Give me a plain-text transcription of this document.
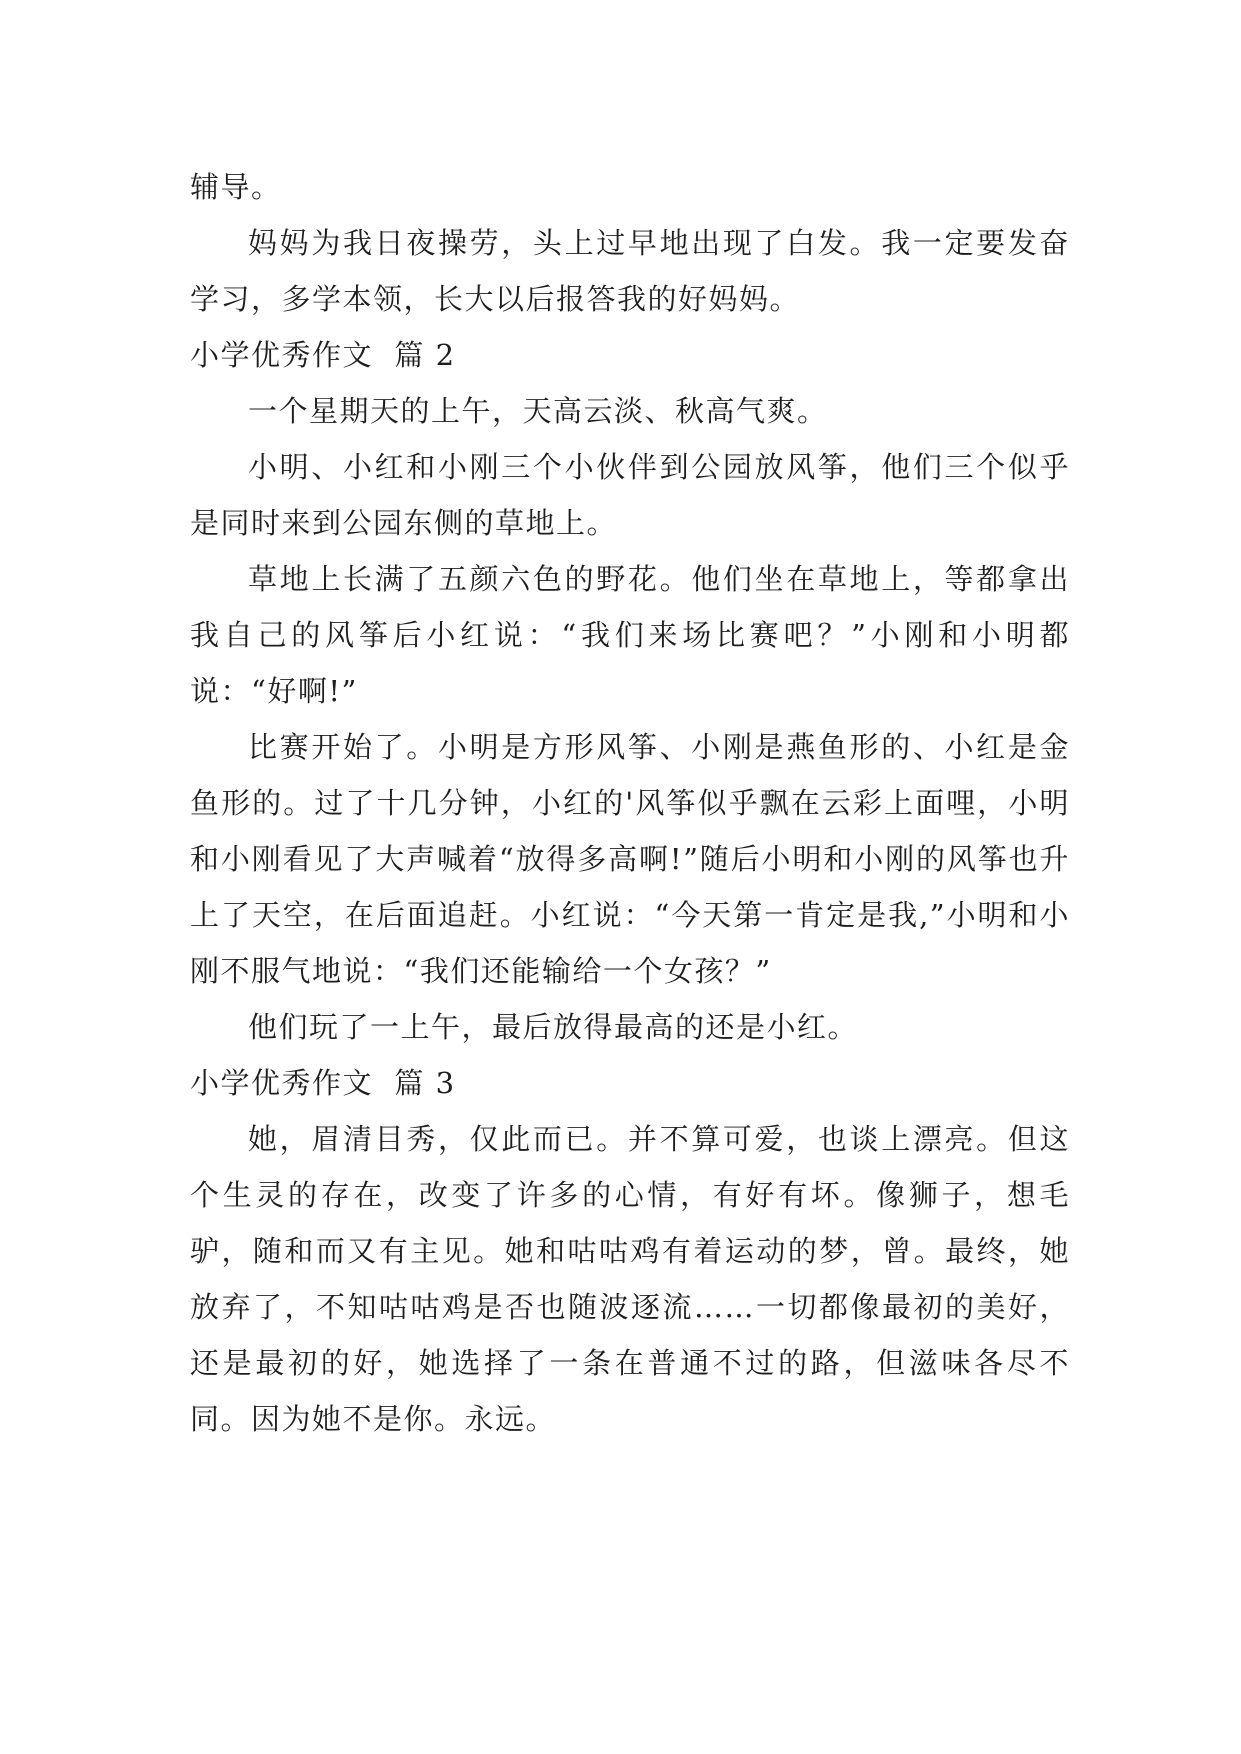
辅导。

妈妈为我日夜操劳，头上过早地出现了白发。我一定要发奋学习，多学本领，长大以后报答我的好妈妈。

小学优秀作文  篇 2

一个星期天的上午，天高云淡、秋高气爽。

小明、小红和小刚三个小伙伴到公园放风筝，他们三个似乎是同时来到公园东侧的草地上。

草地上长满了五颜六色的野花。他们坐在草地上，等都拿出我自己的风筝后小红说：“我们来场比赛吧？”小刚和小明都说：“好啊!”

比赛开始了。小明是方形风筝、小刚是燕鱼形的、小红是金鱼形的。过了十几分钟，小红的'风筝似乎飘在云彩上面哩，小明和小刚看见了大声喊着“放得多高啊!”随后小明和小刚的风筝也升上了天空，在后面追赶。小红说：“今天第一肯定是我,”小明和小刚不服气地说：“我们还能输给一个女孩？”

他们玩了一上午，最后放得最高的还是小红。

小学优秀作文  篇 3

她，眉清目秀，仅此而已。并不算可爱，也谈上漂亮。但这个生灵的存在，改变了许多的心情，有好有坏。像狮子，想毛驴，随和而又有主见。她和咕咕鸡有着运动的梦，曾。最终，她放弃了，不知咕咕鸡是否也随波逐流……一切都像最初的美好，还是最初的好，她选择了一条在普通不过的路，但滋味各尽不同。因为她不是你。永远。
